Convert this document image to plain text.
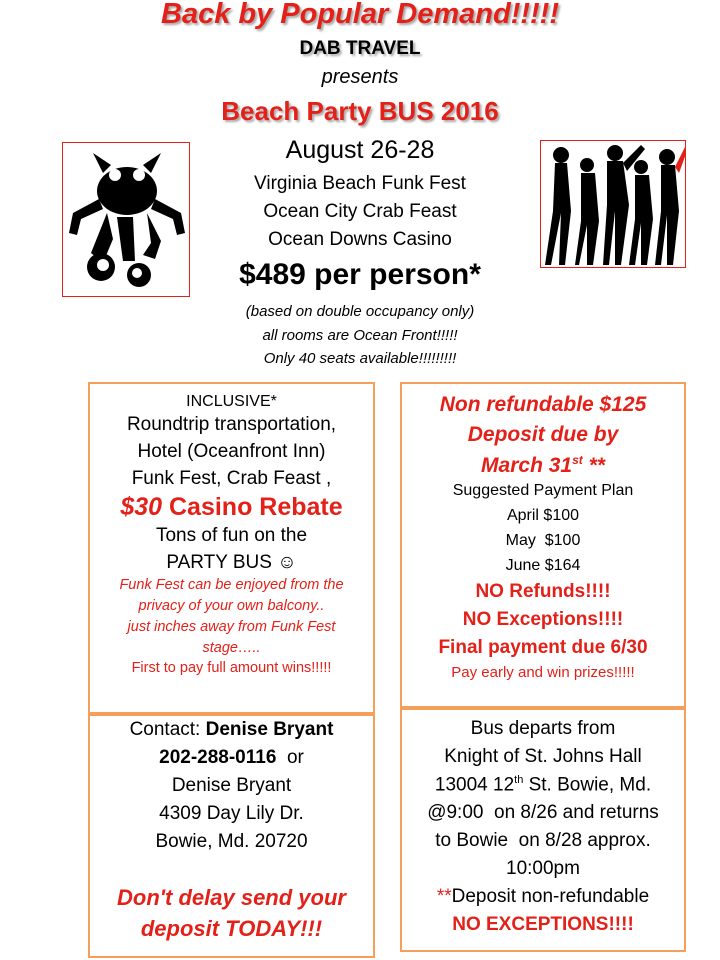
Back by Popular Demand!!!!!
DAB TRAVEL
presents
Beach Party BUS 2016
August 26-28
Virginia Beach Funk Fest
Ocean City Crab Feast
Ocean Downs Casino
$489 per person*
(based on double occupancy only)
all rooms are Ocean Front!!!!!
Only 40 seats available!!!!!!!!!
INCLUSIVE*
Roundtrip transportation,
Hotel (Oceanfront Inn)
Funk Fest, Crab Feast ,
$30 Casino Rebate
Tons of fun on the
PARTY BUS ☺
Funk Fest can be enjoyed from the
privacy of your own balcony..
just inches away from Funk Fest
stage…..
First to pay full amount wins!!!!!
Non refundable $125
Deposit due by
March 31st **
Suggested Payment Plan
April $100
May  $100
June $164
NO Refunds!!!!
NO Exceptions!!!!
Final payment due 6/30
Pay early and win prizes!!!!!
Contact: Denise Bryant
202-288-0116  or
Denise Bryant
4309 Day Lily Dr.
Bowie, Md. 20720
Don't delay send your
deposit TODAY!!!
Bus departs from
Knight of St. Johns Hall
13004 12th St. Bowie, Md.
@9:00  on 8/26 and returns
to Bowie  on 8/28 approx.
10:00pm
**Deposit non-refundable
NO EXCEPTIONS!!!!
